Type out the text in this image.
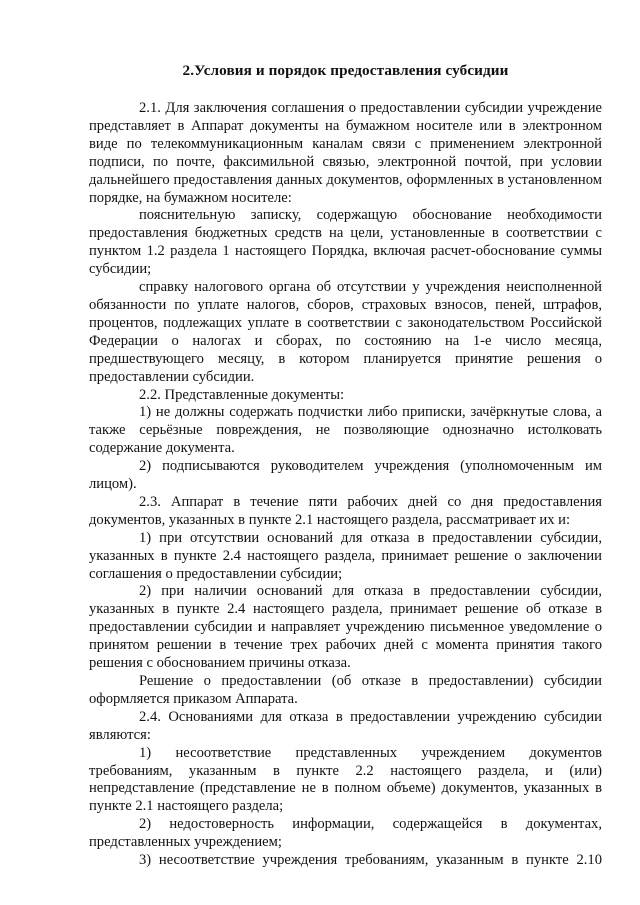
2.Условия и порядок предоставления субсидии

2.1. Для заключения соглашения о предоставлении субсидии учреждение представляет в Аппарат документы на бумажном носителе или в электронном виде по телекоммуникационным каналам связи с применением электронной подписи, по почте, факсимильной связью, электронной почтой, при условии дальнейшего предоставления данных документов, оформленных в установленном порядке, на бумажном носителе:

пояснительную записку, содержащую обоснование необходимости предоставления бюджетных средств на цели, установленные в соответствии с пунктом 1.2 раздела 1 настоящего Порядка, включая расчет-обоснование суммы субсидии;

справку налогового органа об отсутствии у учреждения неисполненной обязанности по уплате налогов, сборов, страховых взносов, пеней, штрафов, процентов, подлежащих уплате в соответствии с законодательством Российской Федерации о налогах и сборах, по состоянию на 1-е число месяца, предшествующего месяцу, в котором планируется принятие решения о предоставлении субсидии.

2.2. Представленные документы:

1) не должны содержать подчистки либо приписки, зачёркнутые слова, а также серьёзные повреждения, не позволяющие однозначно истолковать содержание документа.

2) подписываются руководителем учреждения (уполномоченным им лицом).

2.3. Аппарат в течение пяти рабочих дней со дня предоставления документов, указанных в пункте 2.1 настоящего раздела, рассматривает их и:

1) при отсутствии оснований для отказа в предоставлении субсидии, указанных в пункте 2.4 настоящего раздела, принимает решение о заключении соглашения о предоставлении субсидии;

2) при наличии оснований для отказа в предоставлении субсидии, указанных в пункте 2.4 настоящего раздела, принимает решение об отказе в предоставлении субсидии и направляет учреждению письменное уведомление о принятом решении в течение трех рабочих дней с момента принятия такого решения с обоснованием причины отказа.

Решение о предоставлении (об отказе в предоставлении) субсидии оформляется приказом Аппарата.

2.4. Основаниями для отказа в предоставлении учреждению субсидии являются:

1) несоответствие представленных учреждением документов требованиям, указанным в пункте 2.2 настоящего раздела, и (или) непредставление (представление не в полном объеме) документов, указанных в пункте 2.1 настоящего раздела;

2) недостоверность информации, содержащейся в документах, представленных учреждением;

3) несоответствие учреждения требованиям, указанным в пункте 2.10
